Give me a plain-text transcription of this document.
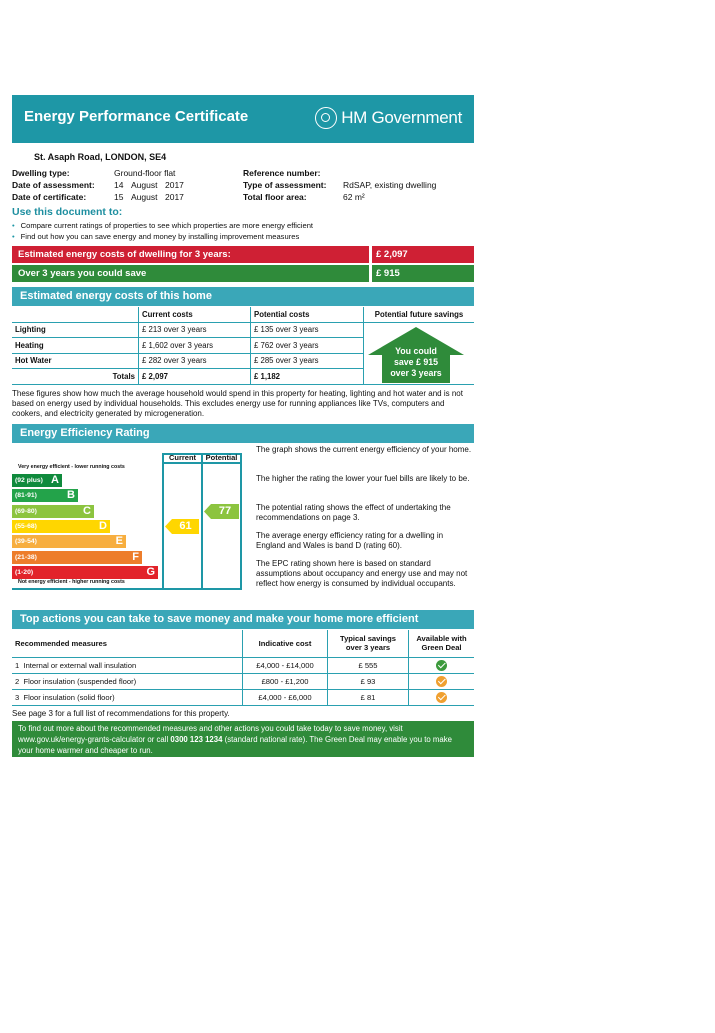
Energy Performance Certificate	HM Government
St. Asaph Road, LONDON, SE4
Dwelling type:	Ground-floor flat
Date of assessment: 14 August 2017
Date of certificate:	15 August 2017
Reference number:
Type of assessment: RdSAP, existing dwelling
Total floor area:	62 m²
Use this document to:
• Compare current ratings of properties to see which properties are more energy efficient
• Find out how you can save energy and money by installing improvement measures
Estimated energy costs of dwelling for 3 years:	£ 2,097
Over 3 years you could save	£ 915
Estimated energy costs of this home
	Current costs	Potential costs	Potential future savings
Lighting	£ 213 over 3 years	£ 135 over 3 years	
Heating	£ 1,602 over 3 years	£ 762 over 3 years	
Hot Water	£ 282 over 3 years	£ 285 over 3 years	
Totals	£ 2,097	£ 1,182	
You could
save £ 915
over 3 years
These figures show how much the average household would spend in this property for heating, lighting and hot water and is not based on energy used by individual households. This excludes energy use for running appliances like TVs, computers and cookers, and electricity generated by microgeneration.
Energy Efficiency Rating
Current	Potential
Very energy efficient - lower running costs
Not energy efficient - higher running costs
(92 plus) A
(81-91)	B
(69-80)	C
(55-68)	D
(39-54)	E
(21-38)	F
(1-20)	G
61
77
The graph shows the current energy efficiency of your home.
The higher the rating the lower your fuel bills are likely to be.
The potential rating shows the effect of undertaking the recommendations on page 3.
The average energy efficiency rating for a dwelling in England and Wales is band D (rating 60).
The EPC rating shown here is based on standard assumptions about occupancy and energy use and may not reflect how energy is consumed by individual occupants.
Top actions you can take to save money and make your home more efficient
Recommended measures	Indicative cost	Typical savings over 3 years	Available with Green Deal
1 Internal or external wall insulation	£4,000 - £14,000	£ 555	
2 Floor insulation (suspended floor)	£800 - £1,200	£ 93	
3 Floor insulation (solid floor)	£4,000 - £6,000	£ 81	
See page 3 for a full list of recommendations for this property.
To find out more about the recommended measures and other actions you could take today to save money, visit www.gov.uk/energy-grants-calculator or call 0300 123 1234 (standard national rate). The Green Deal may enable you to make your home warmer and cheaper to run.
